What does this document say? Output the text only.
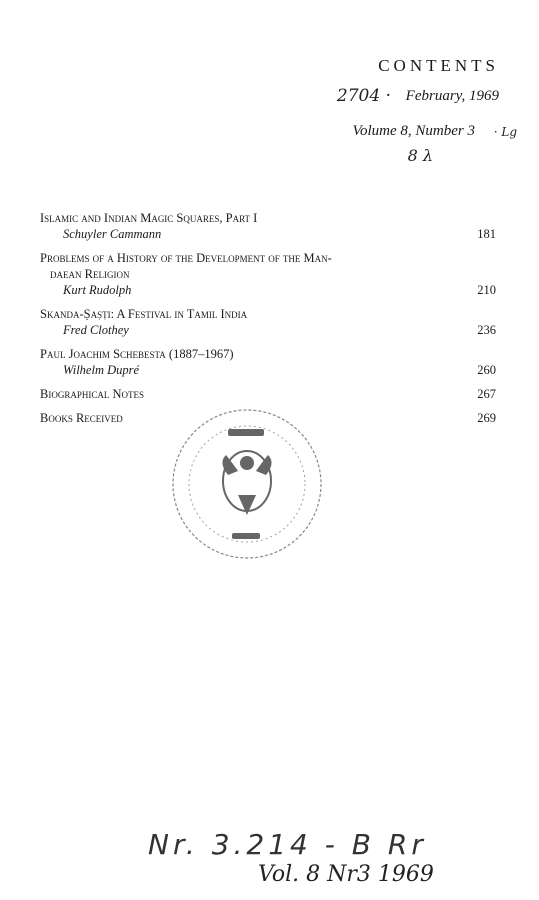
CONTENTS
2704 · February, 1969
Volume 8, Number 3 · Lg
8 λ
Islamic and Indian Magic Squares, Part I
Schuyler Cammann	181
Problems of a History of the Development of the Man-
daean Religion
Kurt Rudolph	210
Skanda-Ṣaṣṭi: A Festival in Tamil India
Fred Clothey	236
Paul Joachim Schebesta (1887–1967)
Wilhelm Dupré	260
Biographical Notes	267
Books Received	269
Nr. 3.214 - B Rr
Vol. 8 Nr3 1969
